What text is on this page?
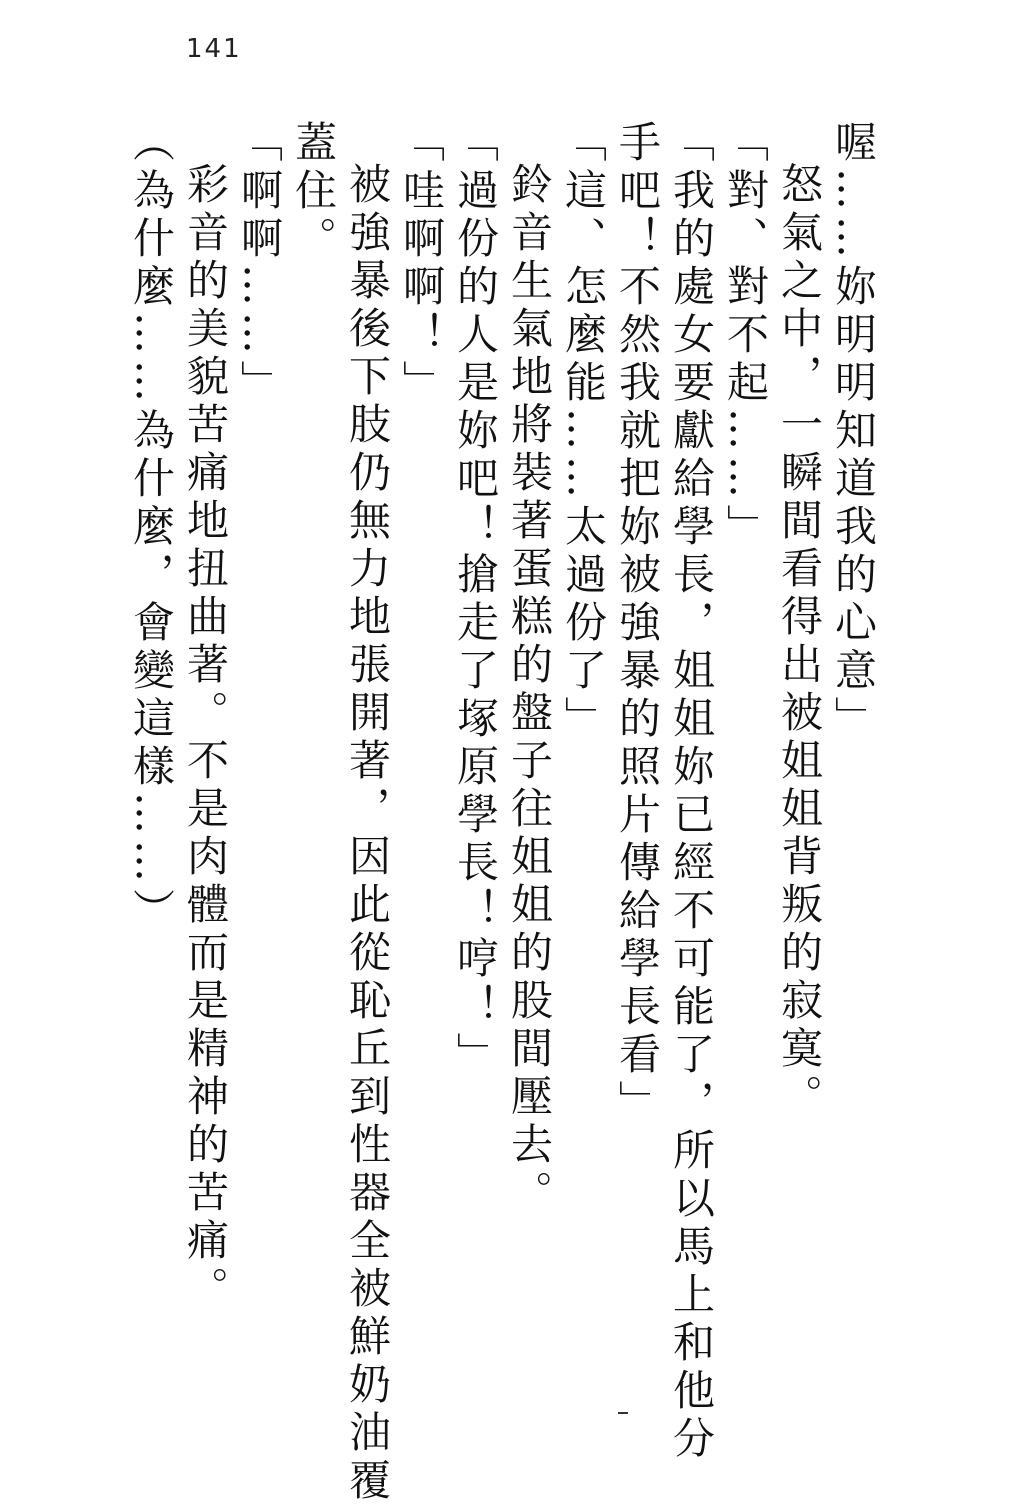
141
喔……妳明明知道我的心意」
怒氣之中，一瞬間看得出被姐姐背叛的寂寞。
「對、對不起……」
「我的處女要獻給學長，姐姐妳已經不可能了，所以馬上和他分
手吧！不然我就把妳被強暴的照片傳給學長看」
「這、怎麼能……太過份了」
鈴音生氣地將裝著蛋糕的盤子往姐姐的股間壓去。
「過份的人是妳吧！搶走了塚原學長！哼！」
「哇啊啊！」
被強暴後下肢仍無力地張開著，因此從恥丘到性器全被鮮奶油覆
蓋住。
「啊啊……」
彩音的美貌苦痛地扭曲著。不是肉體而是精神的苦痛。
（為什麼……為什麼，會變這樣……）
